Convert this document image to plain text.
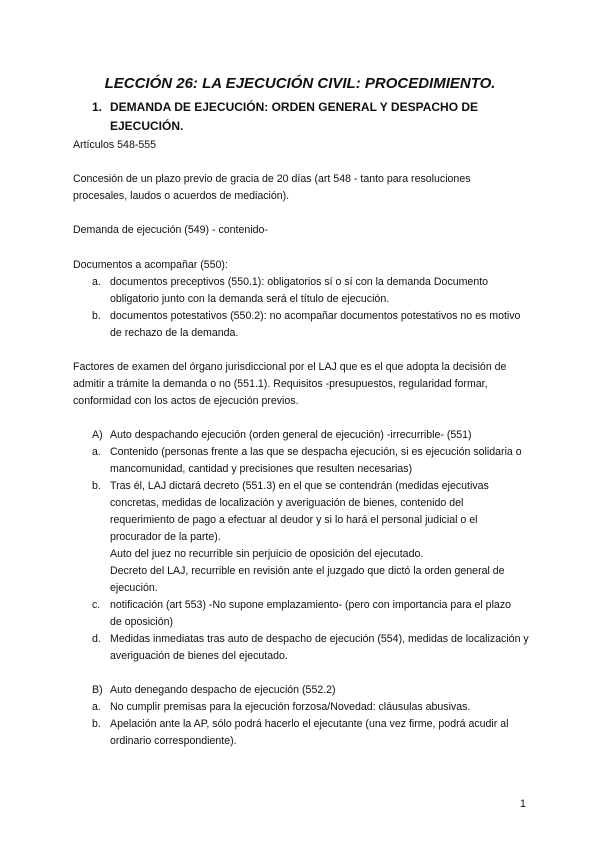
LECCIÓN 26: LA EJECUCIÓN CIVIL: PROCEDIMIENTO.
1. DEMANDA DE EJECUCIÓN: ORDEN GENERAL Y DESPACHO DE EJECUCIÓN.
Artículos 548-555
Concesión de un plazo previo de gracia de 20 días (art 548 - tanto para resoluciones procesales, laudos o acuerdos de mediación).
Demanda de ejecución (549) - contenido-
Documentos a acompañar (550):
a. documentos preceptivos (550.1): obligatorios sí o sí con la demanda Documento obligatorio junto con la demanda será el título de ejecución.
b. documentos potestativos (550.2): no acompañar documentos potestativos no es motivo de rechazo de la demanda.
Factores de examen del órgano jurisdiccional por el LAJ que es el que adopta la decisión de admitir a trámite la demanda o no (551.1). Requisitos -presupuestos, regularidad formar, conformidad con los actos de ejecución previos.
A) Auto despachando ejecución (orden general de ejecución) -irrecurrible- (551)
a. Contenido (personas frente a las que se despacha ejecución, si es ejecución solidaria o mancomunidad, cantidad y precisiones que resulten necesarias)
b. Tras él, LAJ dictará decreto (551.3) en el que se contendrán (medidas ejecutivas concretas, medidas de localización y averiguación de bienes, contenido del requerimiento de pago a efectuar al deudor y si lo hará el personal judicial o el procurador de la parte).
Auto del juez no recurrible sin perjuicio de oposición del ejecutado.
Decreto del LAJ, recurrible en revisión ante el juzgado que dictó la orden general de ejecución.
c. notificación (art 553) -No supone emplazamiento- (pero con importancia para el plazo de oposición)
d. Medidas inmediatas tras auto de despacho de ejecución (554), medidas de localización y averiguación de bienes del ejecutado.
B) Auto denegando despacho de ejecución (552.2)
a. No cumplir premisas para la ejecución forzosa/Novedad: cláusulas abusivas.
b. Apelación ante la AP, sólo podrá hacerlo el ejecutante (una vez firme, podrá acudir al ordinario correspondiente).
1
